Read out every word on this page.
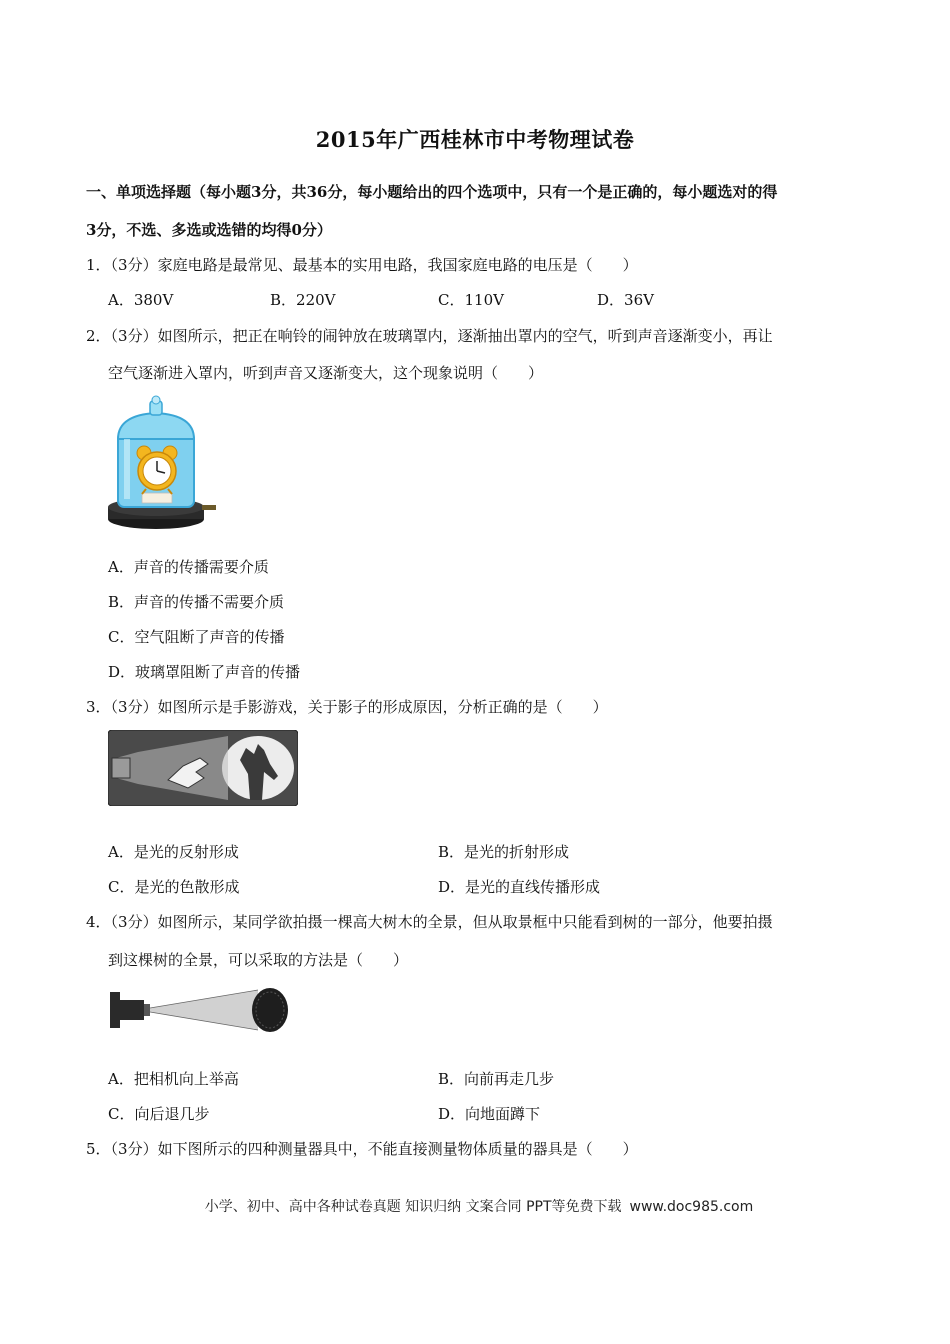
2015年广西桂林市中考物理试卷
一、单项选择题（每小题3分，共36分，每小题给出的四个选项中，只有一个是正确的，每小题选对的得
3分，不选、多选或选错的均得0分）
1．（3分）家庭电路是最常见、最基本的实用电路，我国家庭电路的电压是（　　）
A．380V	B．220V	C．110V	D．36V
2．（3分）如图所示，把正在响铃的闹钟放在玻璃罩内，逐渐抽出罩内的空气，听到声音逐渐变小，再让
空气逐渐进入罩内，听到声音又逐渐变大，这个现象说明（　　）
A．声音的传播需要介质
B．声音的传播不需要介质
C．空气阻断了声音的传播
D．玻璃罩阻断了声音的传播
3．（3分）如图所示是手影游戏，关于影子的形成原因，分析正确的是（　　）
A．是光的反射形成	B．是光的折射形成
C．是光的色散形成	D．是光的直线传播形成
4．（3分）如图所示，某同学欲拍摄一棵高大树木的全景，但从取景框中只能看到树的一部分，他要拍摄
到这棵树的全景，可以采取的方法是（　　）
A．把相机向上举高	B．向前再走几步
C．向后退几步	D．向地面蹲下
5．（3分）如下图所示的四种测量器具中，不能直接测量物体质量的器具是（　　）
小学、初中、高中各种试卷真题 知识归纳 文案合同 PPT等免费下载 www.doc985.com
